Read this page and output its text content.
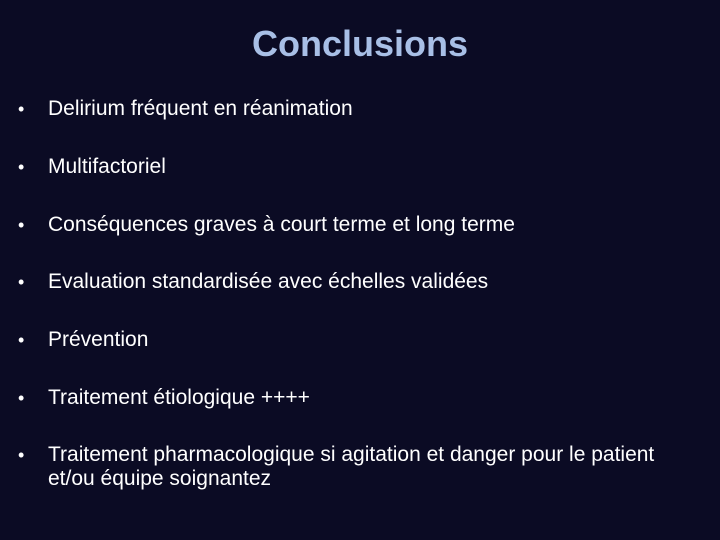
Conclusions
•	Delirium fréquent en réanimation
•	Multifactoriel
•	Conséquences graves à court terme et long terme
•	Evaluation standardisée avec échelles validées
•	Prévention
•	Traitement étiologique ++++
•	Traitement pharmacologique si agitation et danger pour le patient et/ou équipe soignantez
